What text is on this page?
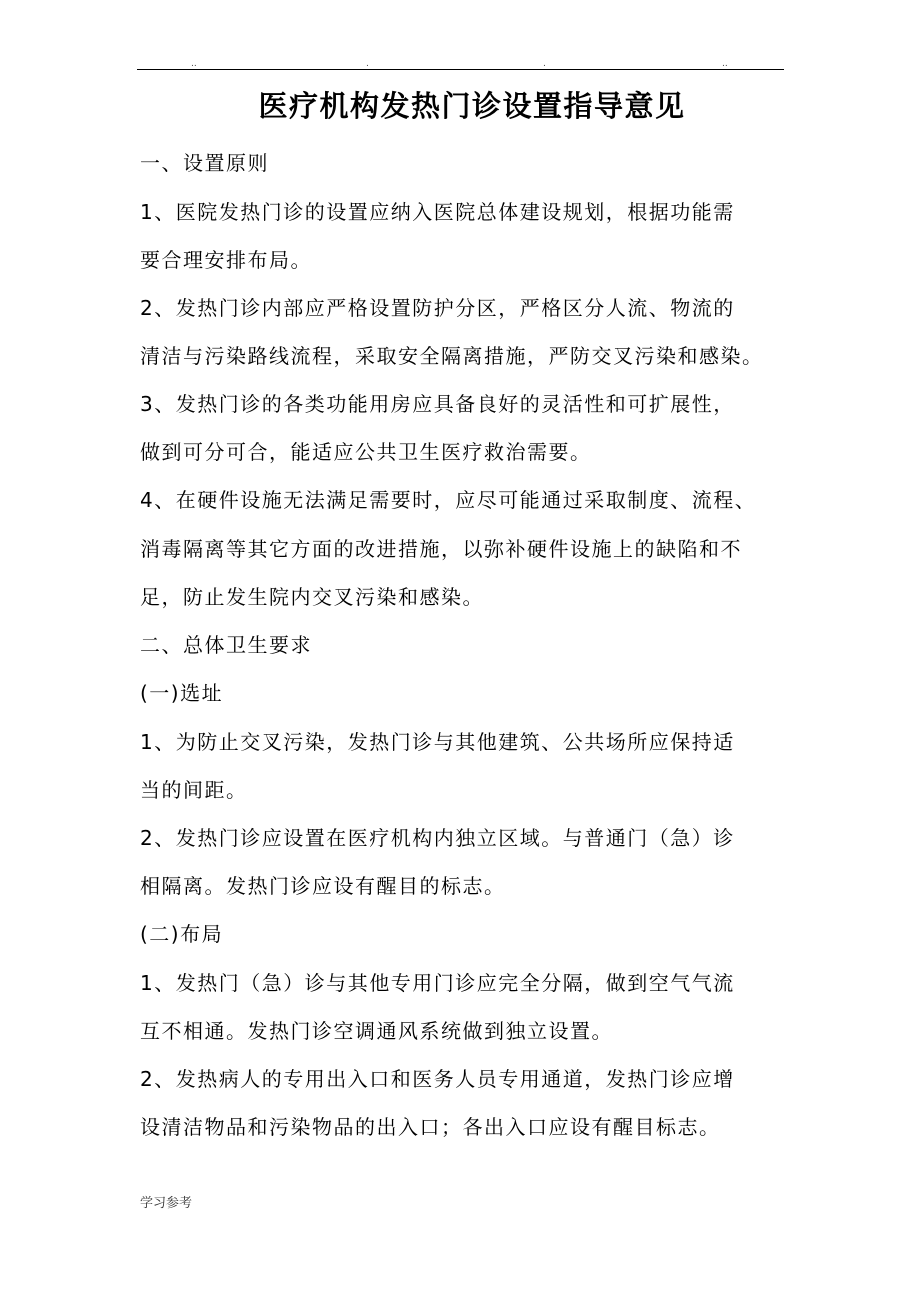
..	.	.	..
医疗机构发热门诊设置指导意见
一、设置原则
1、医院发热门诊的设置应纳入医院总体建设规划，根据功能需
要合理安排布局。
2、发热门诊内部应严格设置防护分区，严格区分人流、物流的
清洁与污染路线流程，采取安全隔离措施，严防交叉污染和感染。
3、发热门诊的各类功能用房应具备良好的灵活性和可扩展性，
做到可分可合，能适应公共卫生医疗救治需要。
4、在硬件设施无法满足需要时，应尽可能通过采取制度、流程、
消毒隔离等其它方面的改进措施，以弥补硬件设施上的缺陷和不
足，防止发生院内交叉污染和感染。
二、总体卫生要求
(一)选址
1、为防止交叉污染，发热门诊与其他建筑、公共场所应保持适
当的间距。
2、发热门诊应设置在医疗机构内独立区域。与普通门（急）诊
相隔离。发热门诊应设有醒目的标志。
(二)布局
1、发热门（急）诊与其他专用门诊应完全分隔，做到空气气流
互不相通。发热门诊空调通风系统做到独立设置。
2、发热病人的专用出入口和医务人员专用通道，发热门诊应增
设清洁物品和污染物品的出入口；各出入口应设有醒目标志。
学习参考
